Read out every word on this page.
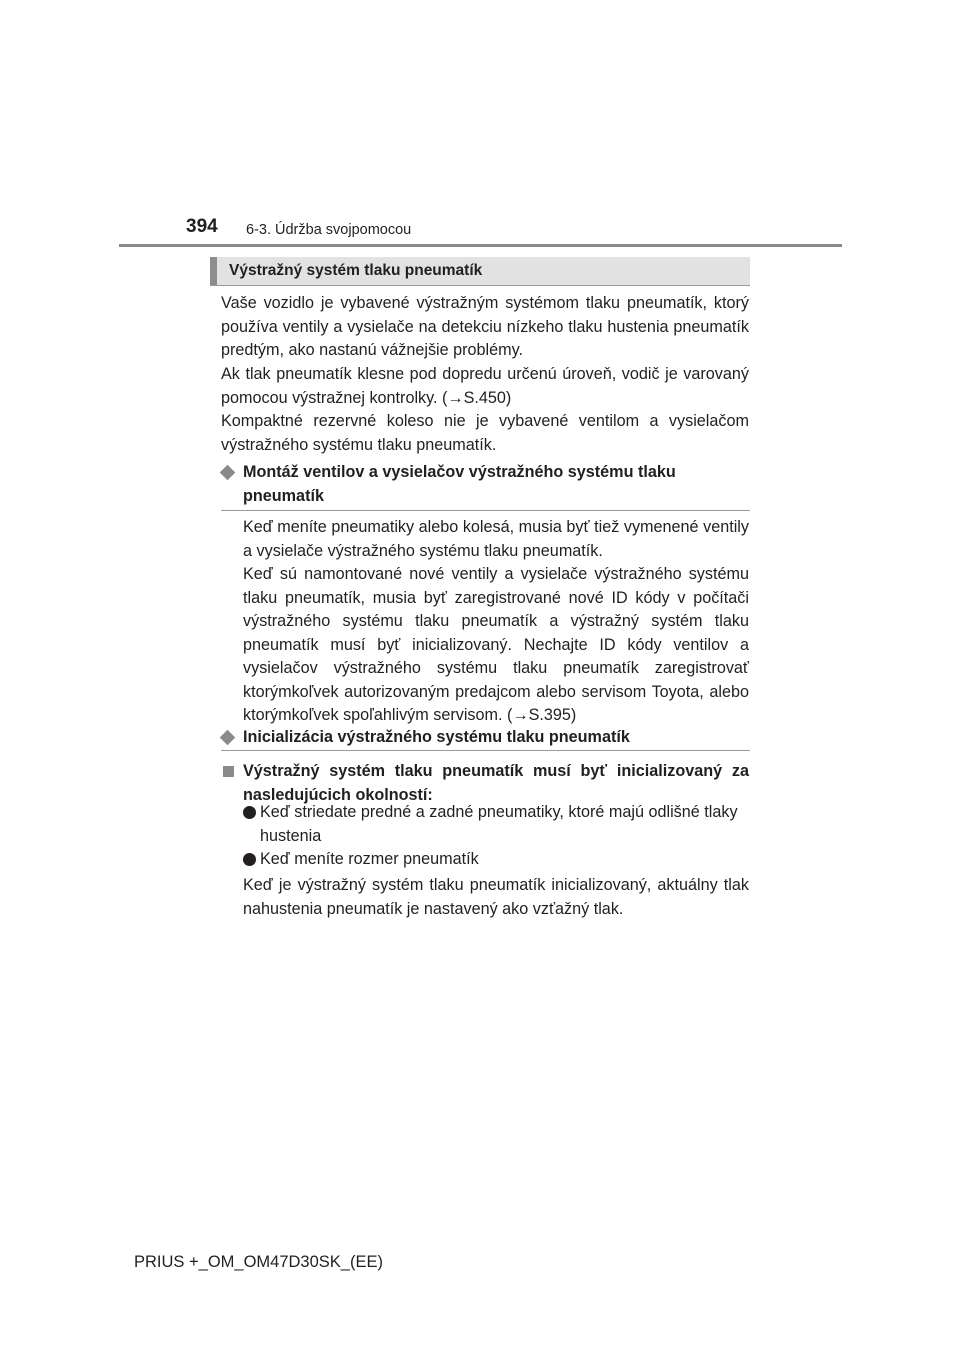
394 6-3. Údržba svojpomocou
Výstražný systém tlaku pneumatík

Vaše vozidlo je vybavené výstražným systémom tlaku pneumatík, ktorý používa ventily a vysielače na detekciu nízkeho tlaku hustenia pneumatík predtým, ako nastanú vážnejšie problémy.

Ak tlak pneumatík klesne pod dopredu určenú úroveň, vodič je varovaný pomocou výstražnej kontrolky. (→S.450)

Kompaktné rezervné koleso nie je vybavené ventilom a vysielačom výstražného systému tlaku pneumatík.

Montáž ventilov a vysielačov výstražného systému tlaku pneumatík

Keď meníte pneumatiky alebo kolesá, musia byť tiež vymenené ventily a vysielače výstražného systému tlaku pneumatík.

Keď sú namontované nové ventily a vysielače výstražného systému tlaku pneumatík, musia byť zaregistrované nové ID kódy v počítači výstražného systému tlaku pneumatík a výstražný systém tlaku pneumatík musí byť inicializovaný. Nechajte ID kódy ventilov a vysielačov výstražného systému tlaku pneumatík zaregistrovať ktorýmkoľvek autorizovaným predajcom alebo servisom Toyota, alebo ktorýmkoľvek spoľahlivým servisom. (→S.395)

Inicializácia výstražného systému tlaku pneumatík
Výstražný systém tlaku pneumatík musí byť inicializovaný za nasledujúcich okolností:
Keď striedate predné a zadné pneumatiky, ktoré majú odlišné tlaky hustenia
Keď meníte rozmer pneumatík

Keď je výstražný systém tlaku pneumatík inicializovaný, aktuálny tlak nahustenia pneumatík je nastavený ako vzťažný tlak.

PRIUS +_OM_OM47D30SK_(EE)
